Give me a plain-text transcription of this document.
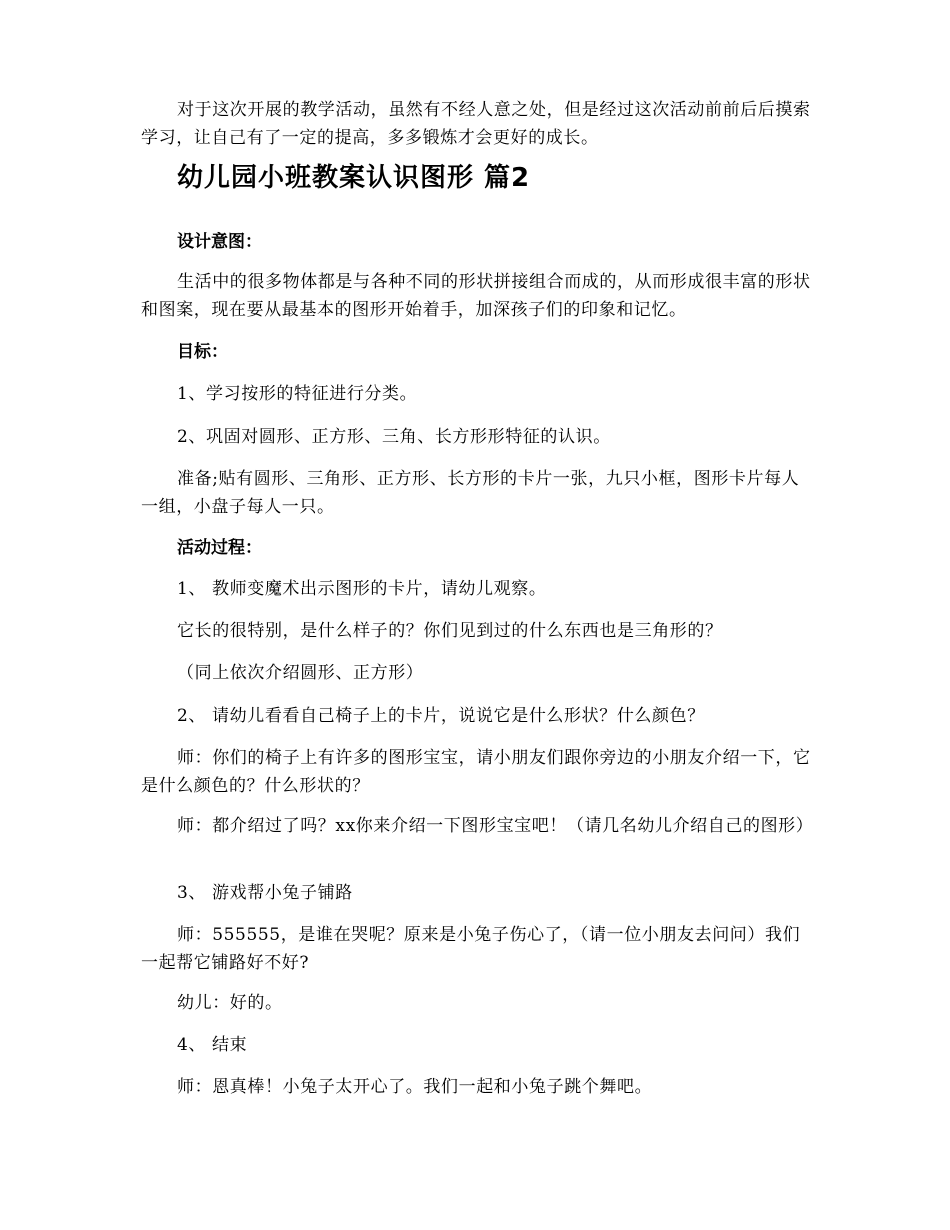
对于这次开展的教学活动，虽然有不经人意之处，但是经过这次活动前前后后摸索学习，让自己有了一定的提高，多多锻炼才会更好的成长。

幼儿园小班教案认识图形 篇2

设计意图：

生活中的很多物体都是与各种不同的形状拼接组合而成的，从而形成很丰富的形状和图案，现在要从最基本的图形开始着手，加深孩子们的印象和记忆。

目标：

1、学习按形的特征进行分类。

2、巩固对圆形、正方形、三角、长方形形特征的认识。

准备;贴有圆形、三角形、正方形、长方形的卡片一张，九只小框，图形卡片每人一组，小盘子每人一只。

活动过程：

1、 教师变魔术出示图形的卡片，请幼儿观察。

它长的很特别，是什么样子的？你们见到过的什么东西也是三角形的？

（同上依次介绍圆形、正方形）

2、 请幼儿看看自己椅子上的卡片，说说它是什么形状？什么颜色？

师：你们的椅子上有许多的图形宝宝，请小朋友们跟你旁边的小朋友介绍一下，它是什么颜色的？什么形状的？

师：都介绍过了吗？xx你来介绍一下图形宝宝吧！（请几名幼儿介绍自己的图形）

3、 游戏帮小兔子铺路

师：555555，是谁在哭呢？原来是小兔子伤心了，（请一位小朋友去问问）我们一起帮它铺路好不好?

幼儿：好的。

4、 结束

师：恩真棒！小兔子太开心了。我们一起和小兔子跳个舞吧。
